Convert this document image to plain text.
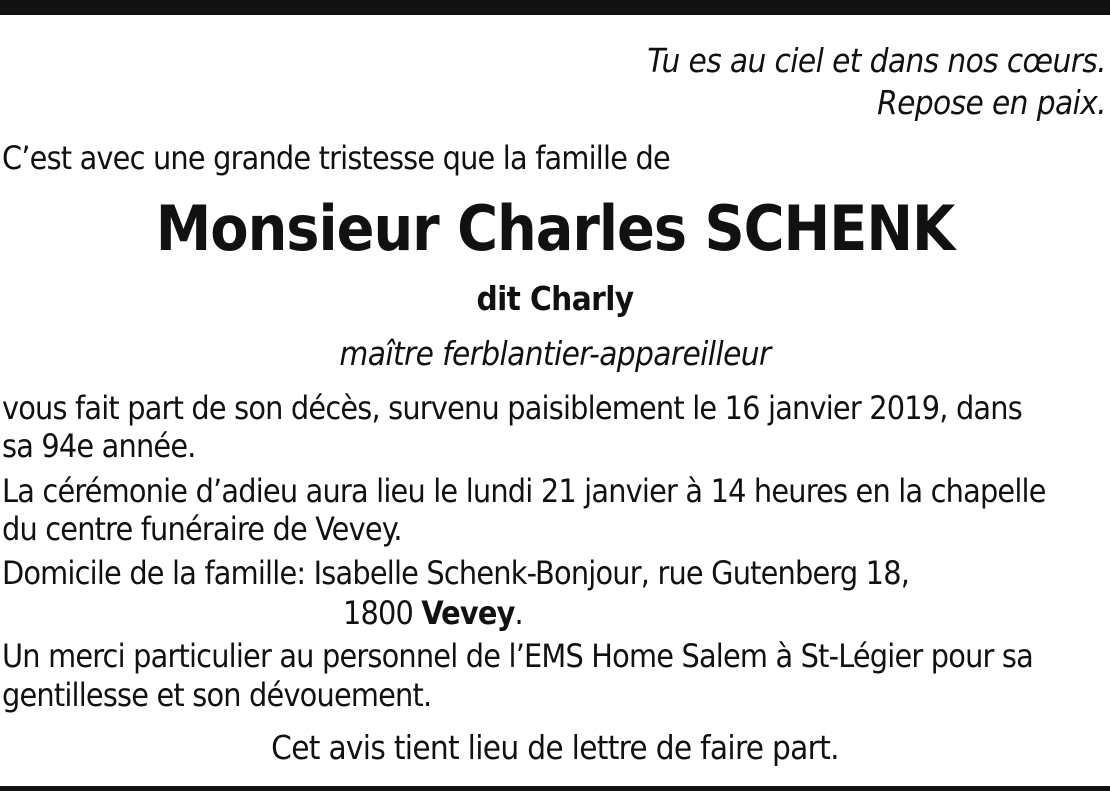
Tu es au ciel et dans nos cœurs.
Repose en paix.
C’est avec une grande tristesse que la famille de
Monsieur Charles SCHENK
dit Charly
maître ferblantier-appareilleur
vous fait part de son décès, survenu paisiblement le 16 janvier 2019, dans
sa 94e année.
La cérémonie d’adieu aura lieu le lundi 21 janvier à 14 heures en la chapelle
du centre funéraire de Vevey.
Domicile de la famille: Isabelle Schenk-Bonjour, rue Gutenberg 18,
1800 Vevey.
Un merci particulier au personnel de l’EMS Home Salem à St-Légier pour sa
gentillesse et son dévouement.
Cet avis tient lieu de lettre de faire part.
